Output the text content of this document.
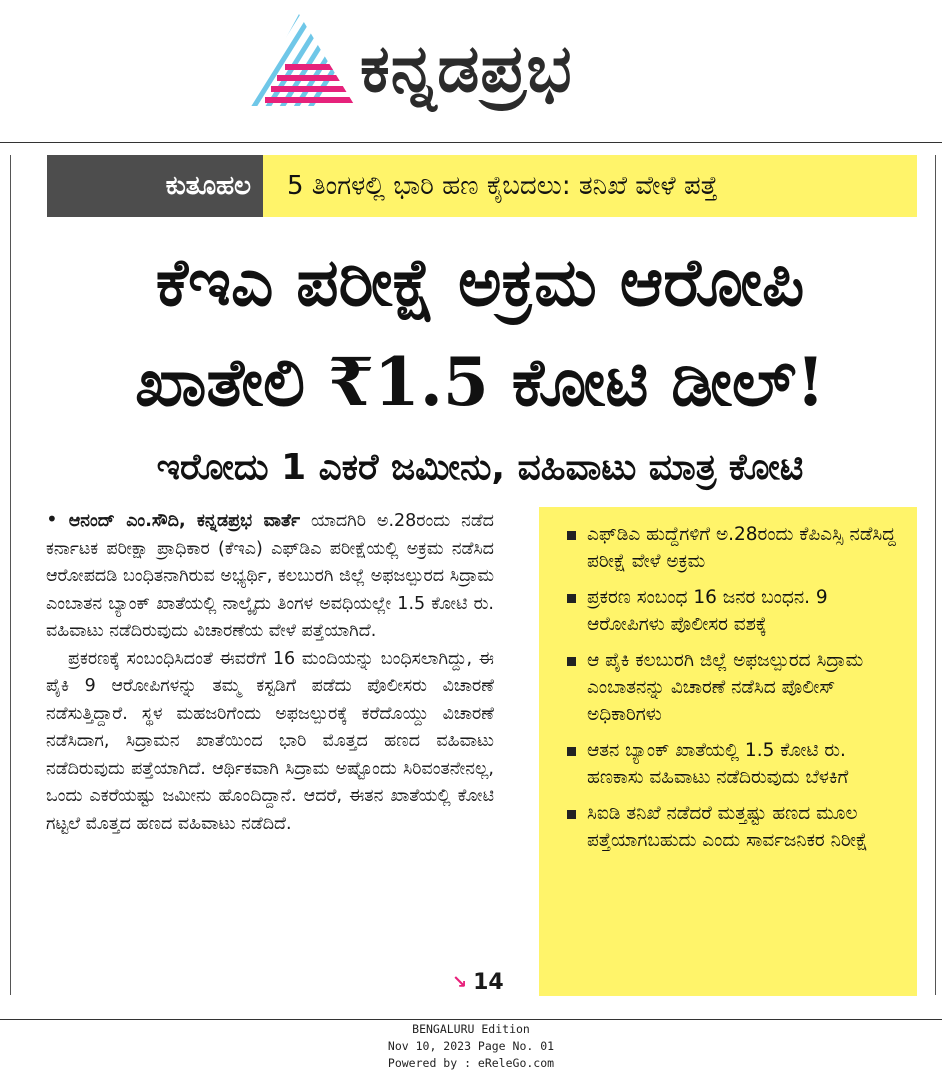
ಕನ್ನಡಪ್ರಭ
ಕುತೂಹಲ	5 ತಿಂಗಳಲ್ಲಿ ಭಾರಿ ಹಣ ಕೈಬದಲು: ತನಿಖೆ ವೇಳೆ ಪತ್ತೆ
ಕೆಇಎ ಪರೀಕ್ಷೆ ಅಕ್ರಮ ಆರೋಪಿ
ಖಾತೇಲಿ ₹1.5 ಕೋಟಿ ಡೀಲ್!
ಇರೋದು 1 ಎಕರೆ ಜಮೀನು, ವಹಿವಾಟು ಮಾತ್ರ ಕೋಟಿ

• ಆನಂದ್ ಎಂ.ಸೌದಿ, ಕನ್ನಡಪ್ರಭ ವಾರ್ತೆ ಯಾದಗಿರಿ ಅ.28ರಂದು ನಡೆದ ಕರ್ನಾಟಕ ಪರೀಕ್ಷಾ ಪ್ರಾಧಿಕಾರ (ಕೆಇಎ) ಎಫ್‌ಡಿಎ ಪರೀಕ್ಷೆಯಲ್ಲಿ ಅಕ್ರಮ ನಡೆಸಿದ ಆರೋಪದಡಿ ಬಂಧಿತನಾಗಿರುವ ಅಭ್ಯರ್ಥಿ, ಕಲಬುರಗಿ ಜಿಲ್ಲೆ ಅಫಜಲ್ಪುರದ ಸಿದ್ರಾಮ ಎಂಬಾತನ ಬ್ಯಾಂಕ್ ಖಾತೆಯಲ್ಲಿ ನಾಲ್ಕೈದು ತಿಂಗಳ ಅವಧಿಯಲ್ಲೇ 1.5 ಕೋಟಿ ರು. ವಹಿವಾಟು ನಡೆದಿರುವುದು ವಿಚಾರಣೆಯ ವೇಳೆ ಪತ್ತೆಯಾಗಿದೆ.

ಪ್ರಕರಣಕ್ಕೆ ಸಂಬಂಧಿಸಿದಂತೆ ಈವರೆಗೆ 16 ಮಂದಿಯನ್ನು ಬಂಧಿಸಲಾಗಿದ್ದು, ಈ ಪೈಕಿ 9 ಆರೋಪಿಗಳನ್ನು ತಮ್ಮ ಕಸ್ಟಡಿಗೆ ಪಡೆದು ಪೊಲೀಸರು ವಿಚಾರಣೆ ನಡೆಸುತ್ತಿದ್ದಾರೆ. ಸ್ಥಳ ಮಹಜರಿಗೆಂದು ಅಫಜಲ್ಪುರಕ್ಕೆ ಕರೆದೊಯ್ದು ವಿಚಾರಣೆ ನಡೆಸಿದಾಗ, ಸಿದ್ರಾಮನ ಖಾತೆಯಿಂದ ಭಾರಿ ಮೊತ್ತದ ಹಣದ ವಹಿವಾಟು ನಡೆದಿರುವುದು ಪತ್ತೆಯಾಗಿದೆ. ಆರ್ಥಿಕವಾಗಿ ಸಿದ್ರಾಮ ಅಷ್ಟೊಂದು ಸಿರಿವಂತನೇನಲ್ಲ, ಒಂದು ಎಕರೆಯಷ್ಟು ಜಮೀನು ಹೊಂದಿದ್ದಾನೆ. ಆದರೆ, ಈತನ ಖಾತೆಯಲ್ಲಿ ಕೋಟಿ ಗಟ್ಟಲೆ ಮೊತ್ತದ ಹಣದ ವಹಿವಾಟು ನಡೆದಿದೆ.

↘ 14
ಎಫ್‌ಡಿಎ ಹುದ್ದೆಗಳಿಗೆ ಅ.28ರಂದು ಕೆಪಿಎಸ್ಸಿ ನಡೆಸಿದ್ದ ಪರೀಕ್ಷೆ ವೇಳೆ ಅಕ್ರಮ
ಪ್ರಕರಣ ಸಂಬಂಧ 16 ಜನರ ಬಂಧನ. 9 ಆರೋಪಿಗಳು ಪೊಲೀಸರ ವಶಕ್ಕೆ
ಆ ಪೈಕಿ ಕಲಬುರಗಿ ಜಿಲ್ಲೆ ಅಫಜಲ್ಪುರದ ಸಿದ್ರಾಮ ಎಂಬಾತನನ್ನು ವಿಚಾರಣೆ ನಡೆಸಿದ ಪೊಲೀಸ್ ಅಧಿಕಾರಿಗಳು
ಆತನ ಬ್ಯಾಂಕ್ ಖಾತೆಯಲ್ಲಿ 1.5 ಕೋಟಿ ರು. ಹಣಕಾಸು ವಹಿವಾಟು ನಡೆದಿರುವುದು ಬೆಳಕಿಗೆ
ಸಿಐಡಿ ತನಿಖೆ ನಡೆದರೆ ಮತ್ತಷ್ಟು ಹಣದ ಮೂಲ ಪತ್ತೆಯಾಗಬಹುದು ಎಂದು ಸಾರ್ವಜನಿಕರ ನಿರೀಕ್ಷೆ
BENGALURU Edition
Nov 10, 2023 Page No. 01
Powered by : eReleGo.com
